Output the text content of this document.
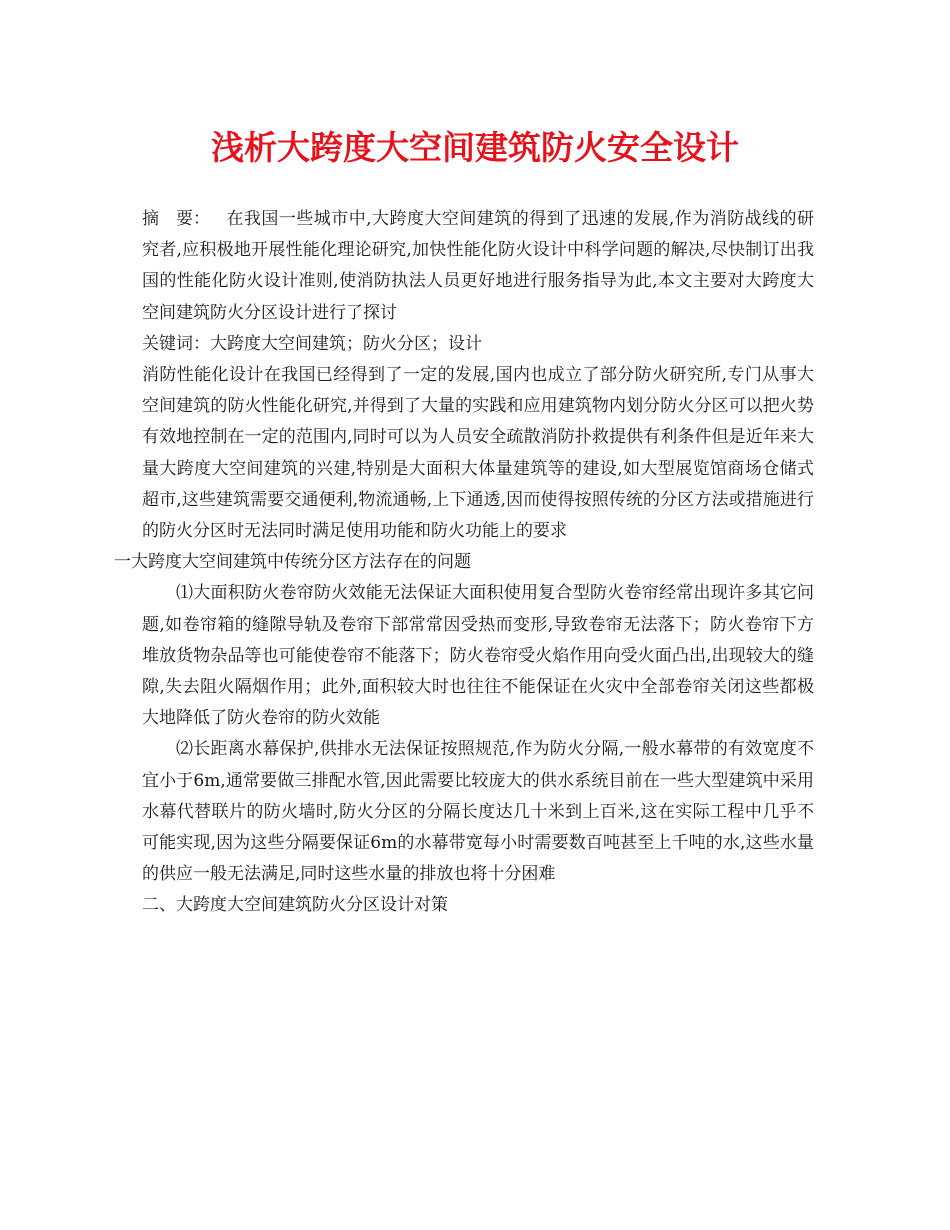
浅析大跨度大空间建筑防火安全设计

摘　要： 在我国一些城市中,大跨度大空间建筑的得到了迅速的发展,作为消防战线的研究者,应积极地开展性能化理论研究,加快性能化防火设计中科学问题的解决,尽快制订出我国的性能化防火设计准则,使消防执法人员更好地进行服务指导为此,本文主要对大跨度大空间建筑防火分区设计进行了探讨

关键词：大跨度大空间建筑；防火分区；设计

消防性能化设计在我国已经得到了一定的发展,国内也成立了部分防火研究所,专门从事大空间建筑的防火性能化研究,并得到了大量的实践和应用建筑物内划分防火分区可以把火势有效地控制在一定的范围内,同时可以为人员安全疏散消防扑救提供有利条件但是近年来大量大跨度大空间建筑的兴建,特别是大面积大体量建筑等的建设,如大型展览馆商场仓储式超市,这些建筑需要交通便利,物流通畅,上下通透,因而使得按照传统的分区方法或措施进行的防火分区时无法同时满足使用功能和防火功能上的要求

一大跨度大空间建筑中传统分区方法存在的问题

⑴大面积防火卷帘防火效能无法保证大面积使用复合型防火卷帘经常出现许多其它问题,如卷帘箱的缝隙导轨及卷帘下部常常因受热而变形,导致卷帘无法落下；防火卷帘下方堆放货物杂品等也可能使卷帘不能落下；防火卷帘受火焰作用向受火面凸出,出现较大的缝隙,失去阻火隔烟作用；此外,面积较大时也往往不能保证在火灾中全部卷帘关闭这些都极大地降低了防火卷帘的防火效能

⑵长距离水幕保护,供排水无法保证按照规范,作为防火分隔,一般水幕带的有效宽度不宜小于6m,通常要做三排配水管,因此需要比较庞大的供水系统目前在一些大型建筑中采用水幕代替联片的防火墙时,防火分区的分隔长度达几十米到上百米,这在实际工程中几乎不可能实现,因为这些分隔要保证6m的水幕带宽每小时需要数百吨甚至上千吨的水,这些水量的供应一般无法满足,同时这些水量的排放也将十分困难

二、大跨度大空间建筑防火分区设计对策
